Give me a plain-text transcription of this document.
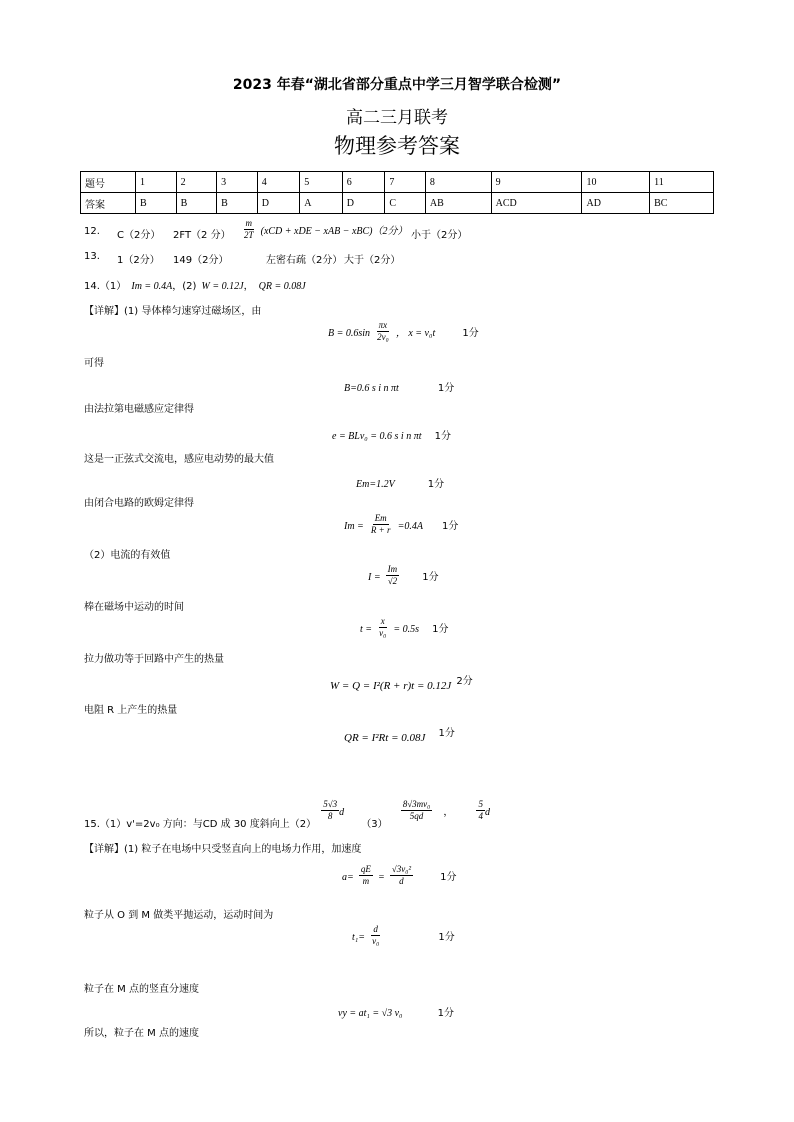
2023 年春“湖北省部分重点中学三月智学联合检测”
高二三月联考
物理参考答案
题号	1	2	3	4	5	6	7	8	9	10	11
答案	B	B	B	D	A	D	C	AB	ACD	AD	BC
12. C（2分） 2FT（2 分） $\frac{m}{2T} (xCD$ + xDE − xAB − xBC)（2分） 小于（2分）
13. 1（2分） 149（2分）	左密右疏（2分） 大于（2分）
14.（1） Im = 0.4A，(2) W = 0.12J， QR = 0.08J
【详解】(1) 导体棒匀速穿过磁场区，由
$B = 0.6\sin \frac{\pi x}{\text{2v₀}}$ ， x = v₀t	1分
可得
B=0.6 s i n πt	1分
由法拉第电磁感应定律得
e = BLv₀ = 0.6 s i n πt 1分
这是一正弦式交流电，感应电动势的最大值
Em=1.2V	1分
由闭合电路的欧姆定律得
$Im = \frac{Em}{R + r} =0.4A$ 1分
（2）电流的有效值
$I = \frac{Im}{√2} 1$分
棒在磁场中运动的时间
$t = \frac{x}{\text{v₀}} = 0.5s$ 1分
拉力做功等于回路中产生的热量
W = Q = I²(R + r)t = 0.12J $^{2分}$
电阻 R 上产生的热量
QR = I²Rt = 0.08J $^{1分}$
$_{15.(1)v'=2v_0 方向:与CD 成 30 度斜向上(2)}$
$\frac{5√3}{8}$ d $_{(3)}$
$\frac{\text{8√3mv₀}}{5qd}$ ，	$\frac{5}{4}$ d
【详解】(1) 粒子在电场中只受竖直向上的电场力作用，加速度
$a= \frac{qE}{m} = \frac{\text{√3v₀²}}{d}$	1分
粒子从 O 到 M 做类平抛运动，运动时间为
$t_1= \frac{d}{\text{v₀}}$	1分
粒子在 M 点的竖直分速度
vy = at₁ = √3 v₀	1分
所以，粒子在 M 点的速度
